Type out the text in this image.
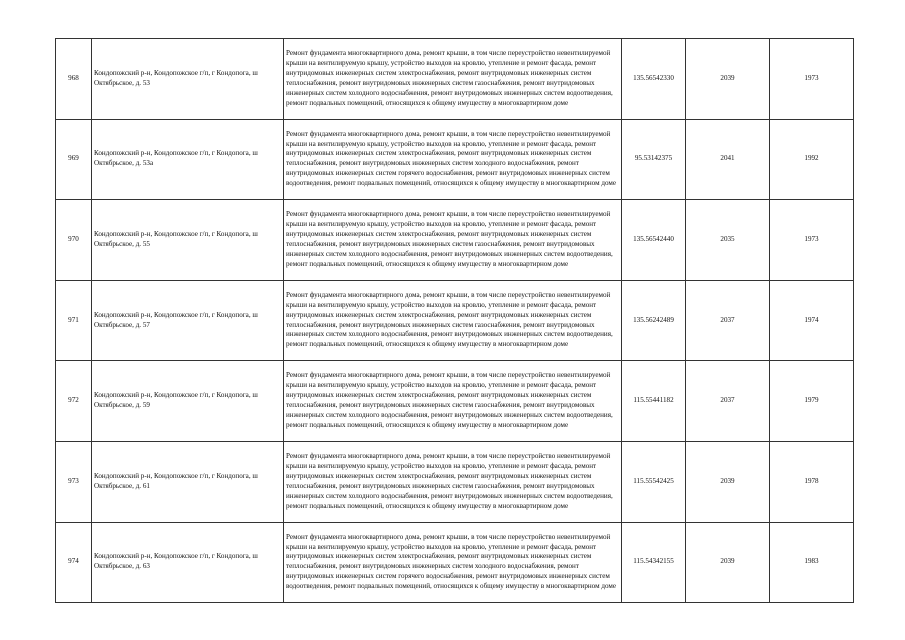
968	Кондопожский р-н, Кондопожское г/п, г Кондопога, ш Октябрьское, д. 53	Ремонт фундамента многоквартирного дома, ремонт крыши, в том числе переустройство невентилируемой крыши на вентилируемую крышу, устройство выходов на кровлю, утепление и ремонт фасада, ремонт внутридомовых инженерных систем электроснабжения, ремонт внутридомовых инженерных систем теплоснабжения, ремонт внутридомовых инженерных систем газоснабжения, ремонт внутридомовых инженерных систем холодного водоснабжения, ремонт внутридомовых инженерных систем водоотведения, ремонт подвальных помещений, относящихся к общему имуществу в многоквартирном доме	135.56542330	2039	1973
969	Кондопожский р-н, Кондопожское г/п, г Кондопога, ш Октябрьское, д. 53а	Ремонт фундамента многоквартирного дома, ремонт крыши, в том числе переустройство невентилируемой крыши на вентилируемую крышу, устройство выходов на кровлю, утепление и ремонт фасада, ремонт внутридомовых инженерных систем электроснабжения, ремонт внутридомовых инженерных систем теплоснабжения, ремонт внутридомовых инженерных систем холодного водоснабжения, ремонт внутридомовых инженерных систем горячего водоснабжения, ремонт внутридомовых инженерных систем водоотведения, ремонт подвальных помещений, относящихся к общему имуществу в многоквартирном доме	95.53142375	2041	1992
970	Кондопожский р-н, Кондопожское г/п, г Кондопога, ш Октябрьское, д. 55	Ремонт фундамента многоквартирного дома, ремонт крыши, в том числе переустройство невентилируемой крыши на вентилируемую крышу, устройство выходов на кровлю, утепление и ремонт фасада, ремонт внутридомовых инженерных систем электроснабжения, ремонт внутридомовых инженерных систем теплоснабжения, ремонт внутридомовых инженерных систем газоснабжения, ремонт внутридомовых инженерных систем холодного водоснабжения, ремонт внутридомовых инженерных систем водоотведения, ремонт подвальных помещений, относящихся к общему имуществу в многоквартирном доме	135.56542440	2035	1973
971	Кондопожский р-н, Кондопожское г/п, г Кондопога, ш Октябрьское, д. 57	Ремонт фундамента многоквартирного дома, ремонт крыши, в том числе переустройство невентилируемой крыши на вентилируемую крышу, устройство выходов на кровлю, утепление и ремонт фасада, ремонт внутридомовых инженерных систем электроснабжения, ремонт внутридомовых инженерных систем теплоснабжения, ремонт внутридомовых инженерных систем газоснабжения, ремонт внутридомовых инженерных систем холодного водоснабжения, ремонт внутридомовых инженерных систем водоотведения, ремонт подвальных помещений, относящихся к общему имуществу в многоквартирном доме	135.56242489	2037	1974
972	Кондопожский р-н, Кондопожское г/п, г Кондопога, ш Октябрьское, д. 59	Ремонт фундамента многоквартирного дома, ремонт крыши, в том числе переустройство невентилируемой крыши на вентилируемую крышу, устройство выходов на кровлю, утепление и ремонт фасада, ремонт внутридомовых инженерных систем электроснабжения, ремонт внутридомовых инженерных систем теплоснабжения, ремонт внутридомовых инженерных систем газоснабжения, ремонт внутридомовых инженерных систем холодного водоснабжения, ремонт внутридомовых инженерных систем водоотведения, ремонт подвальных помещений, относящихся к общему имуществу в многоквартирном доме	115.55441182	2037	1979
973	Кондопожский р-н, Кондопожское г/п, г Кондопога, ш Октябрьское, д. 61	Ремонт фундамента многоквартирного дома, ремонт крыши, в том числе переустройство невентилируемой крыши на вентилируемую крышу, устройство выходов на кровлю, утепление и ремонт фасада, ремонт внутридомовых инженерных систем электроснабжения, ремонт внутридомовых инженерных систем теплоснабжения, ремонт внутридомовых инженерных систем газоснабжения, ремонт внутридомовых инженерных систем холодного водоснабжения, ремонт внутридомовых инженерных систем водоотведения, ремонт подвальных помещений, относящихся к общему имуществу в многоквартирном доме	115.55542425	2039	1978
974	Кондопожский р-н, Кондопожское г/п, г Кондопога, ш Октябрьское, д. 63	Ремонт фундамента многоквартирного дома, ремонт крыши, в том числе переустройство невентилируемой крыши на вентилируемую крышу, устройство выходов на кровлю, утепление и ремонт фасада, ремонт внутридомовых инженерных систем электроснабжения, ремонт внутридомовых инженерных систем теплоснабжения, ремонт внутридомовых инженерных систем холодного водоснабжения, ремонт внутридомовых инженерных систем горячего водоснабжения, ремонт внутридомовых инженерных систем водоотведения, ремонт подвальных помещений, относящихся к общему имуществу в многоквартирном доме	115.54342155	2039	1983
